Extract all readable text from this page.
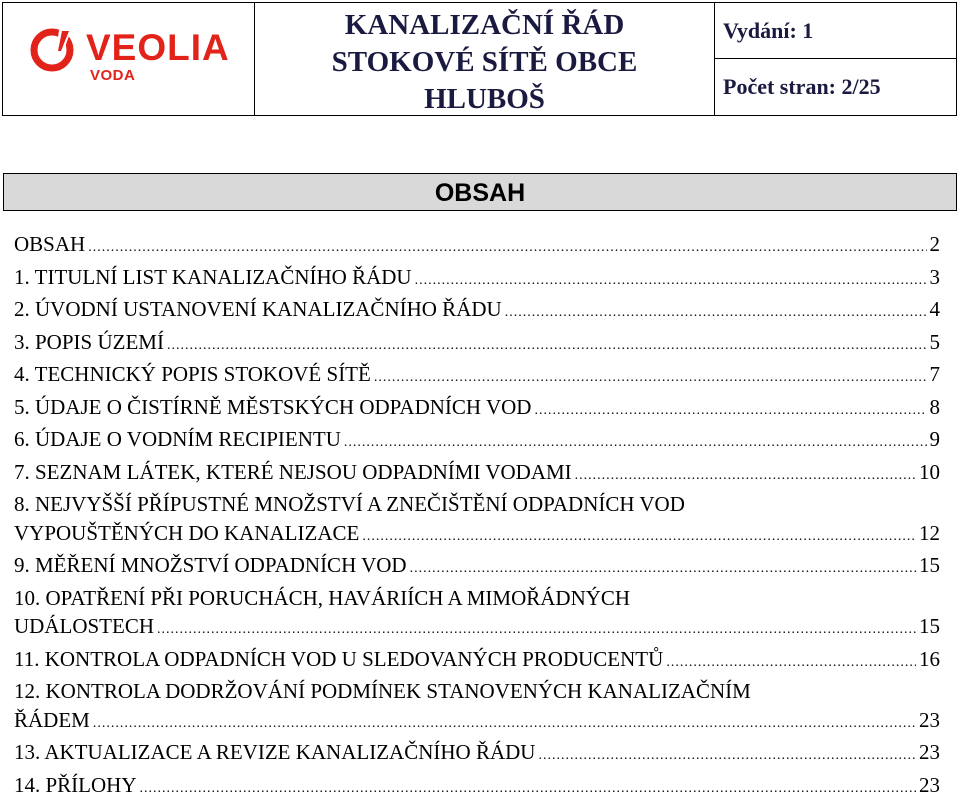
VEOLIA
VODA
KANALIZAČNÍ ŘÁD
STOKOVÉ SÍTĚ OBCE
HLUBOŠ
Vydání: 1
Počet stran: 2/25
OBSAH
OBSAH .....	2
1. TITULNÍ LIST KANALIZAČNÍHO ŘÁDU .....	3
2. ÚVODNÍ USTANOVENÍ KANALIZAČNÍHO ŘÁDU .....	4
3. POPIS ÚZEMÍ .....	5
4. TECHNICKÝ POPIS STOKOVÉ SÍTĚ .....	7
5. ÚDAJE O ČISTÍRNĚ MĚSTSKÝCH ODPADNÍCH VOD .....	8
6. ÚDAJE O VODNÍM RECIPIENTU .....	9
7. SEZNAM LÁTEK, KTERÉ NEJSOU ODPADNÍMI VODAMI .....	10
8. NEJVYŠŠÍ PŘÍPUSTNÉ MNOŽSTVÍ A ZNEČIŠTĚNÍ ODPADNÍCH VOD
VYPOUŠTĚNÝCH DO KANALIZACE .....	12
9. MĚŘENÍ MNOŽSTVÍ ODPADNÍCH VOD .....	15
10. OPATŘENÍ PŘI PORUCHÁCH, HAVÁRIÍCH A MIMOŘÁDNÝCH
UDÁLOSTECH .....	15
11. KONTROLA ODPADNÍCH VOD U SLEDOVANÝCH PRODUCENTŮ .....	16
12. KONTROLA DODRŽOVÁNÍ PODMÍNEK STANOVENÝCH KANALIZAČNÍM
ŘÁDEM .....	23
13. AKTUALIZACE A REVIZE KANALIZAČNÍHO ŘÁDU .....	23
14. PŘÍLOHY .....	23
